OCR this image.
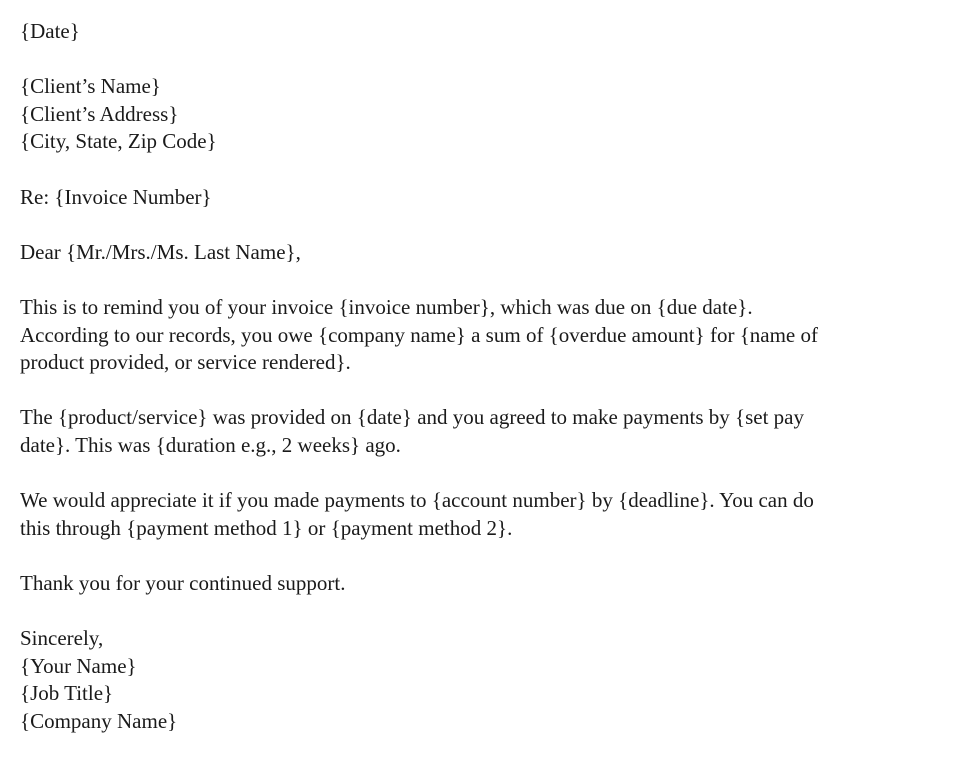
{Date}
{Client’s Name}
{Client’s Address}
{City, State, Zip Code}
Re: {Invoice Number}
Dear {Mr./Mrs./Ms. Last Name},
This is to remind you of your invoice {invoice number}, which was due on {due date}.
According to our records, you owe {company name} a sum of {overdue amount} for {name of
product provided, or service rendered}.
The {product/service} was provided on {date} and you agreed to make payments by {set pay
date}. This was {duration e.g., 2 weeks} ago.
We would appreciate it if you made payments to {account number} by {deadline}. You can do
this through {payment method 1} or {payment method 2}.
Thank you for your continued support.
Sincerely,
{Your Name}
{Job Title}
{Company Name}
